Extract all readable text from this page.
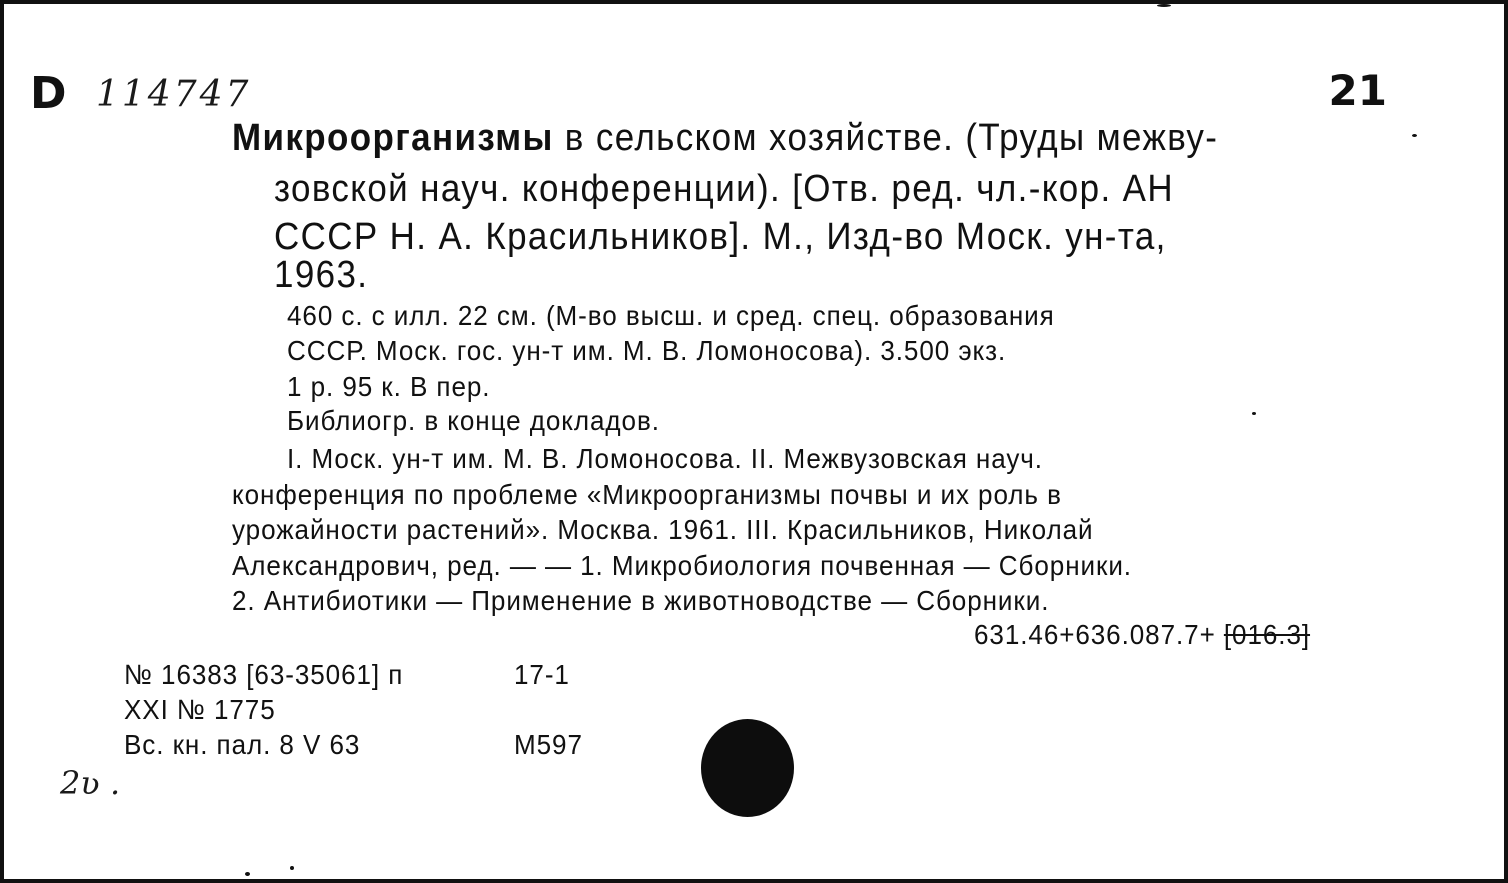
D 114747	21
Микроорганизмы в сельском хозяйстве. (Труды межву-
зовской науч. конференции). [Отв. ред. чл.-кор. АН
СССР Н. А. Красильников]. М., Изд-во Моск. ун-та,
1963.
460 с. с илл. 22 см. (М-во высш. и сред. спец. образования
СССР. Моск. гос. ун-т им. М. В. Ломоносова). 3.500 экз.
1 р. 95 к. В пер.
Библиогр. в конце докладов.
I. Моск. ун-т им. М. В. Ломоносова. II. Межвузовская науч.
конференция по проблеме «Микроорганизмы почвы и их роль в
урожайности растений». Москва. 1961. III. Красильников, Николай
Александрович, ред. — — 1. Микробиология почвенная — Сборники.
2. Антибиотики — Применение в животноводстве — Сборники.
631.46+636.087.7+ [016.3]
№ 16383 [63-35061] п	17-1
XXI № 1775
Вс. кн. пал. 8 V 63	М597
2ʋ .
